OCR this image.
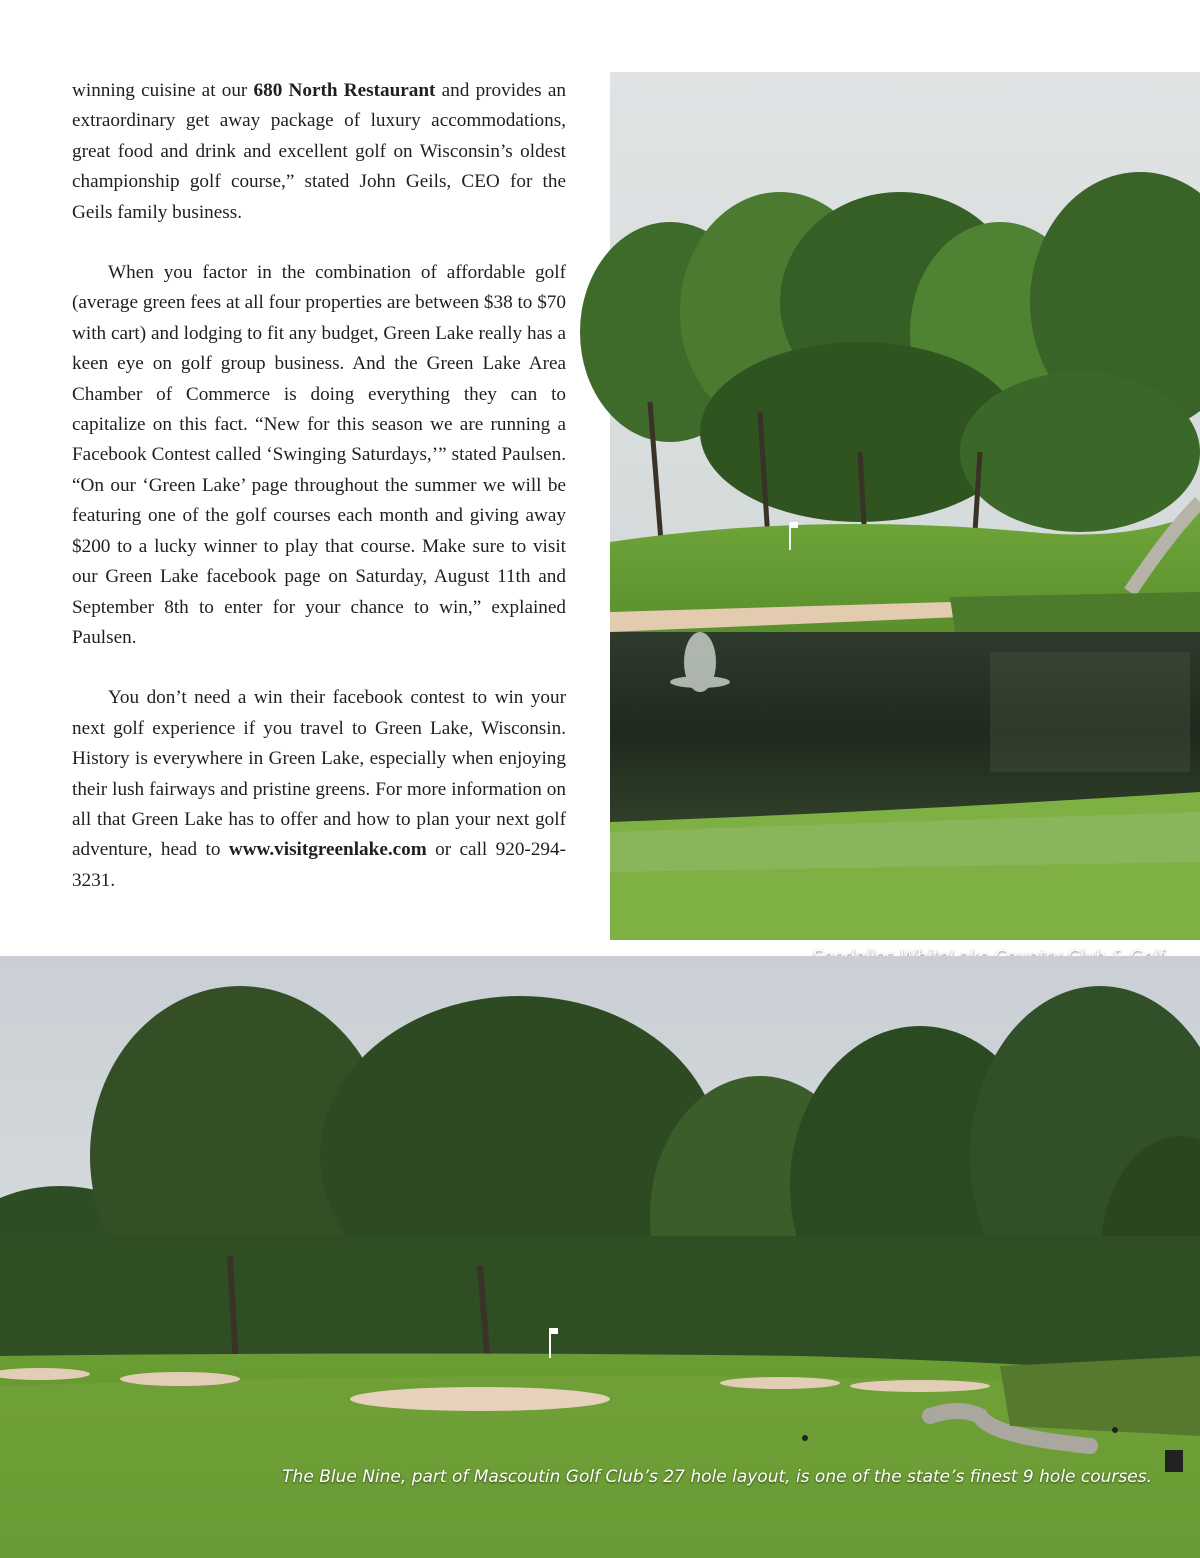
winning cuisine at our 680 North Restaurant and provides an extraordinary get away package of luxury accommodations, great food and drink and excellent golf on Wisconsin’s oldest championship golf course,” stated John Geils, CEO for the Geils family business.

When you factor in the combination of affordable golf (average green fees at all four properties are between $38 to $70 with cart) and lodging to fit any budget, Green Lake really has a keen eye on golf group business. And the Green Lake Area Chamber of Commerce is doing everything they can to capitalize on this fact. “New for this season we are running a Facebook Contest called ‘Swinging Saturdays,’” stated Paulsen. “On our ‘Green Lake’ page throughout the summer we will be featuring one of the golf courses each month and giving away $200 to a lucky winner to play that course. Make sure to visit our Green Lake facebook page on Saturday, August 11th and September 8th to enter for your chance to win,” explained Paulsen.

You don’t need a win their facebook contest to win your next golf experience if you travel to Green Lake, Wisconsin. History is everywhere in Green Lake, especially when enjoying their lush fairways and pristine greens. For more information on all that Green Lake has to offer and how to plan your next golf adventure, head to www.visitgreenlake.com or call 920-294-3231.

The Blue Nine, part of Mascoutin Golf Club’s 27 hole layout, is one of the state’s finest 9 hole courses.
